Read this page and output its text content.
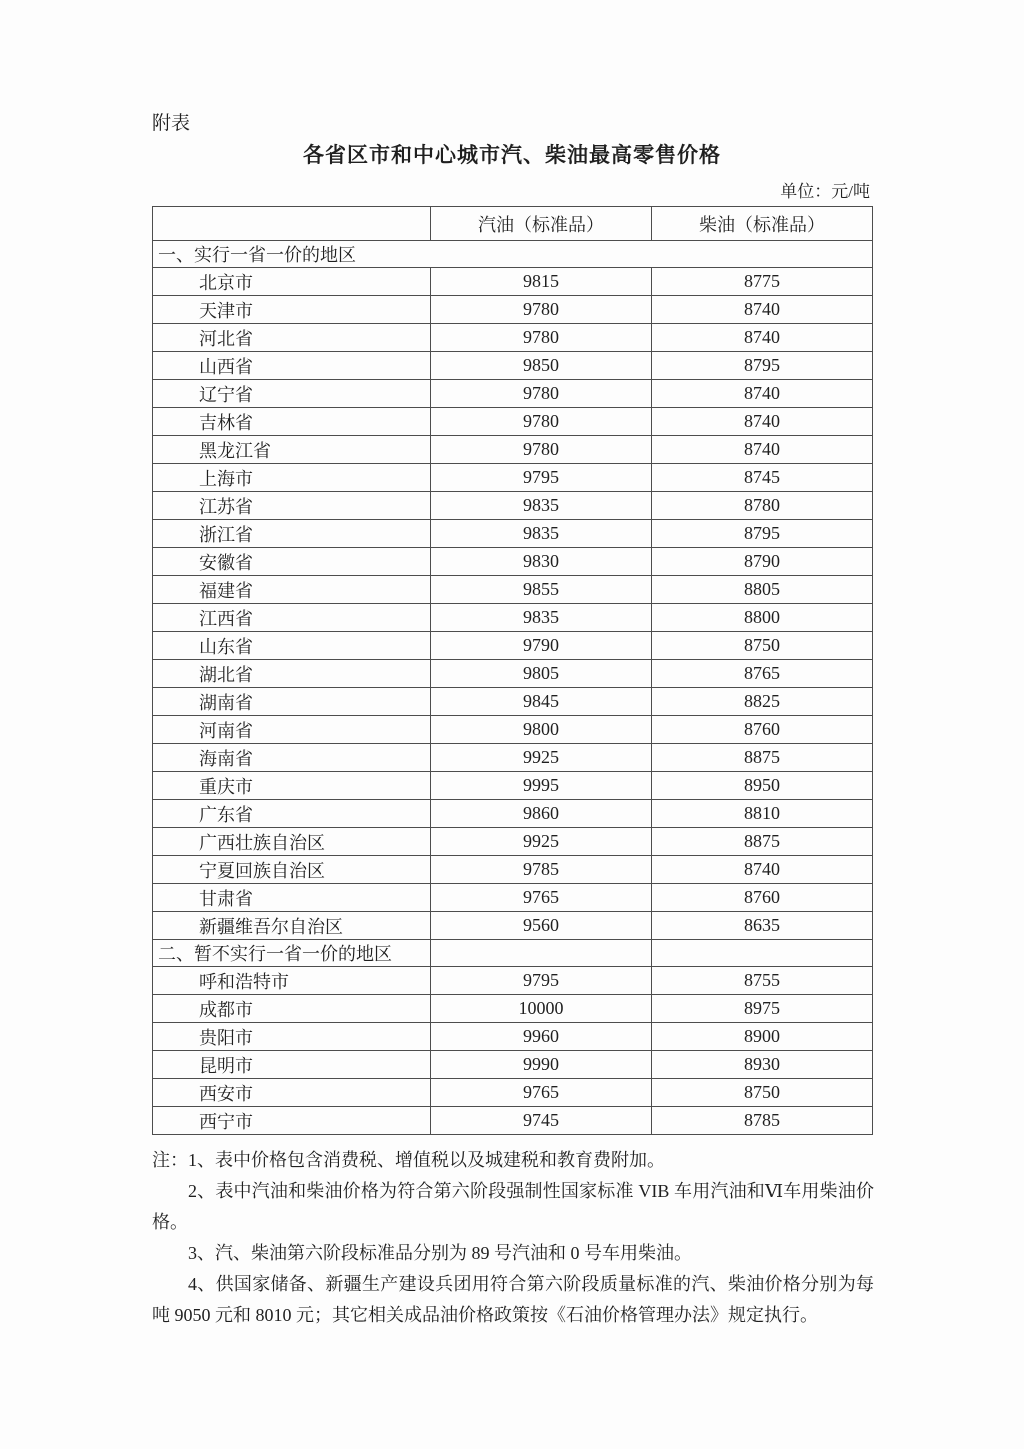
附表
各省区市和中心城市汽、柴油最高零售价格
单位：元/吨
	汽油（标准品）	柴油（标准品）
一、实行一省一价的地区		
北京市	9815	8775
天津市	9780	8740
河北省	9780	8740
山西省	9850	8795
辽宁省	9780	8740
吉林省	9780	8740
黑龙江省	9780	8740
上海市	9795	8745
江苏省	9835	8780
浙江省	9835	8795
安徽省	9830	8790
福建省	9855	8805
江西省	9835	8800
山东省	9790	8750
湖北省	9805	8765
湖南省	9845	8825
河南省	9800	8760
海南省	9925	8875
重庆市	9995	8950
广东省	9860	8810
广西壮族自治区	9925	8875
宁夏回族自治区	9785	8740
甘肃省	9765	8760
新疆维吾尔自治区	9560	8635
二、暂不实行一省一价的地区		
呼和浩特市	9795	8755
成都市	10000	8975
贵阳市	9960	8900
昆明市	9990	8930
西安市	9765	8750
西宁市	9745	8785

注：1、表中价格包含消费税、增值税以及城建税和教育费附加。

2、表中汽油和柴油价格为符合第六阶段强制性国家标准 VIB 车用汽油和Ⅵ车用柴油价格。

3、汽、柴油第六阶段标准品分别为 89 号汽油和 0 号车用柴油。

4、供国家储备、新疆生产建设兵团用符合第六阶段质量标准的汽、柴油价格分别为每吨 9050 元和 8010 元；其它相关成品油价格政策按《石油价格管理办法》规定执行。
